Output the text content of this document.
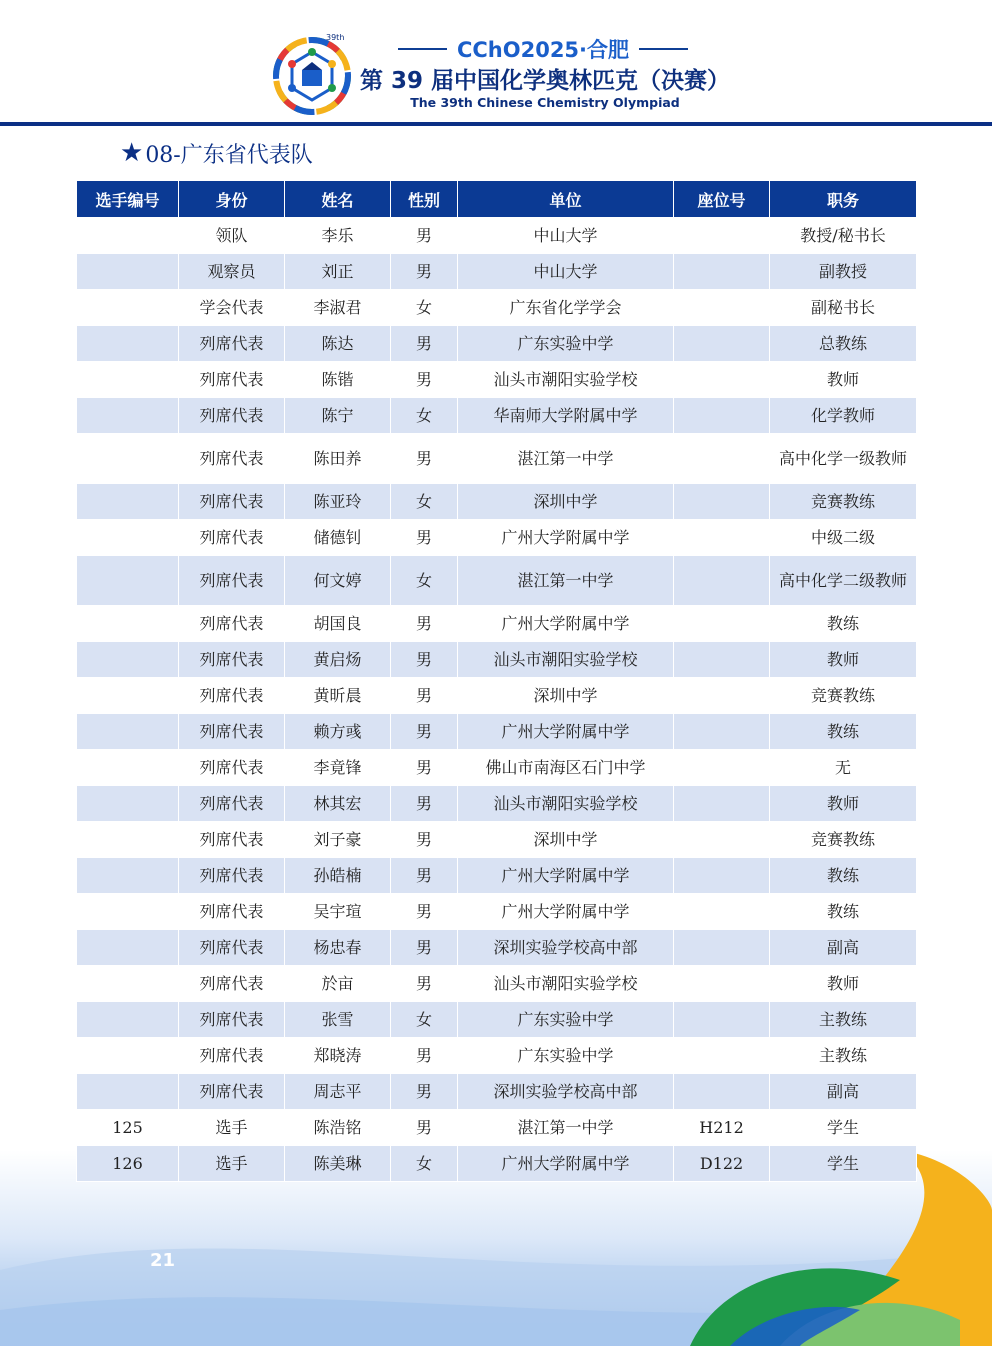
39th
CChO2025·合肥
第 39 届中国化学奥林匹克（决赛）
The 39th Chinese Chemistry Olympiad
★ 08-广东省代表队
选手编号	身份	姓名	性别	单位	座位号	职务
	领队	李乐	男	中山大学		教授/秘书长
	观察员	刘正	男	中山大学		副教授
	学会代表	李淑君	女	广东省化学学会		副秘书长
	列席代表	陈达	男	广东实验中学		总教练
	列席代表	陈锴	男	汕头市潮阳实验学校		教师
	列席代表	陈宁	女	华南师大学附属中学		化学教师
	列席代表	陈田养	男	湛江第一中学		高中化学一级教师
	列席代表	陈亚玲	女	深圳中学		竞赛教练
	列席代表	储德钊	男	广州大学附属中学		中级二级
	列席代表	何文婷	女	湛江第一中学		高中化学二级教师
	列席代表	胡国良	男	广州大学附属中学		教练
	列席代表	黄启炀	男	汕头市潮阳实验学校		教师
	列席代表	黄昕晨	男	深圳中学		竞赛教练
	列席代表	赖方彧	男	广州大学附属中学		教练
	列席代表	李竟锋	男	佛山市南海区石门中学		无
	列席代表	林其宏	男	汕头市潮阳实验学校		教师
	列席代表	刘子豪	男	深圳中学		竞赛教练
	列席代表	孙皓楠	男	广州大学附属中学		教练
	列席代表	吴宇瑄	男	广州大学附属中学		教练
	列席代表	杨忠春	男	深圳实验学校高中部		副高
	列席代表	於亩	男	汕头市潮阳实验学校		教师
	列席代表	张雪	女	广东实验中学		主教练
	列席代表	郑晓涛	男	广东实验中学		主教练
	列席代表	周志平	男	深圳实验学校高中部		副高
125	选手	陈浩铭	男	湛江第一中学	H212	学生
126	选手	陈美琳	女	广州大学附属中学	D122	学生
21
